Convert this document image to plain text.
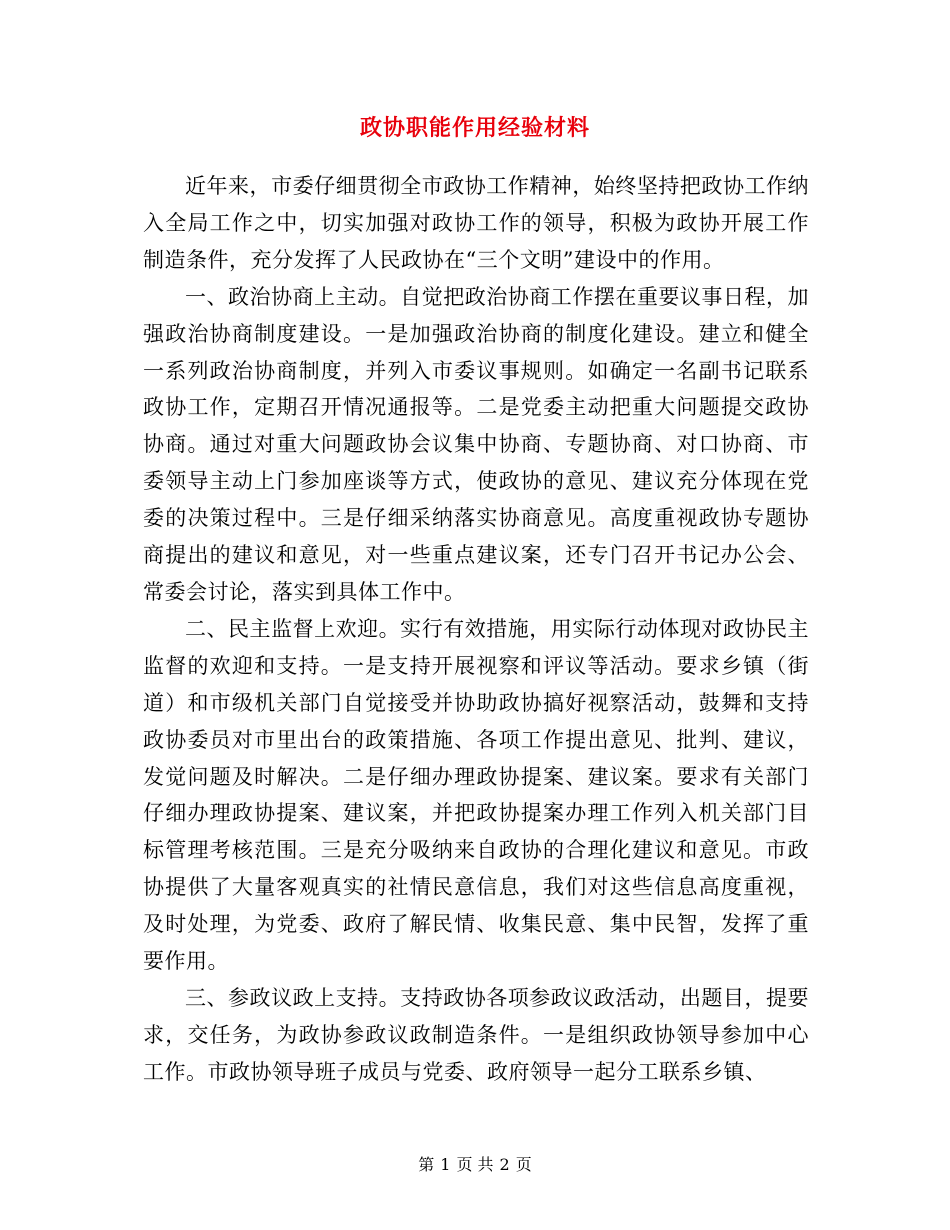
政协职能作用经验材料

近年来，市委仔细贯彻全市政协工作精神，始终坚持把政协工作纳入全局工作之中，切实加强对政协工作的领导，积极为政协开展工作制造条件，充分发挥了人民政协在“三个文明”建设中的作用。

一、政治协商上主动。自觉把政治协商工作摆在重要议事日程，加强政治协商制度建设。一是加强政治协商的制度化建设。建立和健全一系列政治协商制度，并列入市委议事规则。如确定一名副书记联系政协工作，定期召开情况通报等。二是党委主动把重大问题提交政协协商。通过对重大问题政协会议集中协商、专题协商、对口协商、市委领导主动上门参加座谈等方式，使政协的意见、建议充分体现在党委的决策过程中。三是仔细采纳落实协商意见。高度重视政协专题协商提出的建议和意见，对一些重点建议案，还专门召开书记办公会、常委会讨论，落实到具体工作中。

二、民主监督上欢迎。实行有效措施，用实际行动体现对政协民主监督的欢迎和支持。一是支持开展视察和评议等活动。要求乡镇（街道）和市级机关部门自觉接受并协助政协搞好视察活动，鼓舞和支持政协委员对市里出台的政策措施、各项工作提出意见、批判、建议，发觉问题及时解决。二是仔细办理政协提案、建议案。要求有关部门仔细办理政协提案、建议案，并把政协提案办理工作列入机关部门目标管理考核范围。三是充分吸纳来自政协的合理化建议和意见。市政协提供了大量客观真实的社情民意信息，我们对这些信息高度重视，及时处理，为党委、政府了解民情、收集民意、集中民智，发挥了重要作用。

三、参政议政上支持。支持政协各项参政议政活动，出题目，提要求，交任务，为政协参政议政制造条件。一是组织政协领导参加中心工作。市政协领导班子成员与党委、政府领导一起分工联系乡镇、

第 1 页 共 2 页
